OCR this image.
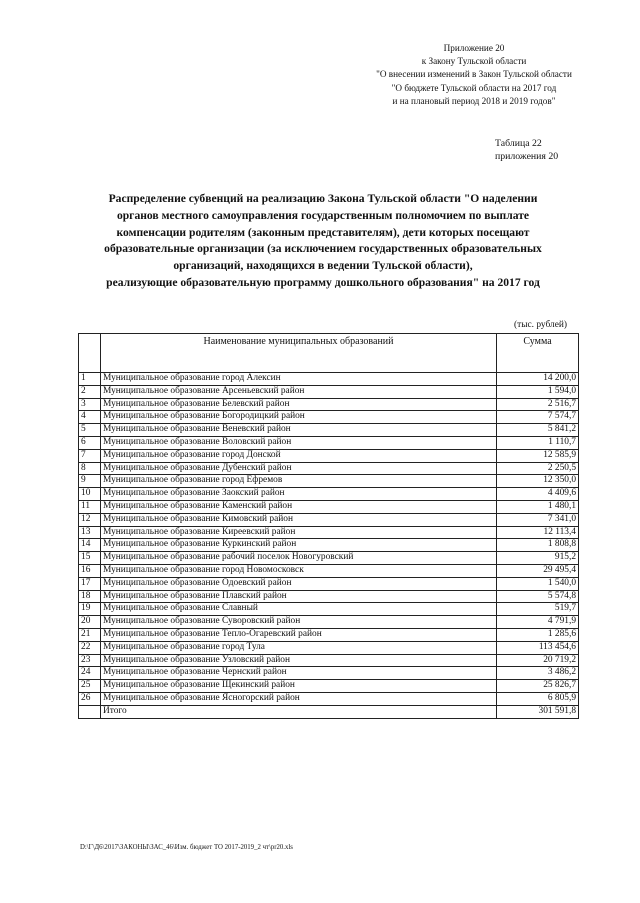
Приложение 20
к Закону Тульской области
"О внесении изменений в Закон Тульской области
"О бюджете Тульской области на 2017 год
и на плановый период 2018 и 2019 годов"
Таблица 22
приложения 20
Распределение субвенций на реализацию Закона Тульской области "О наделении
органов местного самоуправления государственным полномочием по выплате
компенсации родителям (законным представителям), дети которых посещают
образовательные организации (за исключением государственных образовательных
организаций, находящихся в ведении Тульской области),
реализующие образовательную программу дошкольного образования" на 2017 год
(тыс. рублей)
	Наименование муниципальных образований	Сумма
1	Муниципальное образование город Алексин	14 200,0
2	Муниципальное образование Арсеньевский район	1 594,0
3	Муниципальное образование Белевский район	2 516,7
4	Муниципальное образование Богородицкий район	7 574,7
5	Муниципальное образование Веневский район	5 841,2
6	Муниципальное образование Воловский район	1 110,7
7	Муниципальное образование город Донской	12 585,9
8	Муниципальное образование Дубенский район	2 250,5
9	Муниципальное образование город Ефремов	12 350,0
10	Муниципальное образование Заокский район	4 409,6
11	Муниципальное образование Каменский район	1 480,1
12	Муниципальное образование Кимовский район	7 341,0
13	Муниципальное образование Киреевский район	12 113,4
14	Муниципальное образование Куркинский район	1 808,8
15	Муниципальное образование рабочий поселок Новогуровский	915,2
16	Муниципальное образование город Новомосковск	29 495,4
17	Муниципальное образование Одоевский район	1 540,0
18	Муниципальное образование Плавский район	5 574,8
19	Муниципальное образование Славный	519,7
20	Муниципальное образование Суворовский район	4 791,9
21	Муниципальное образование Тепло-Огаревский район	1 285,6
22	Муниципальное образование город Тула	113 454,6
23	Муниципальное образование Узловский район	20 719,2
24	Муниципальное образование Чернский район	3 486,2
25	Муниципальное образование Щекинский район	25 826,7
26	Муниципальное образование Ясногорский район	6 805,9
	Итого	301 591,8
D:\Г\Д6\2017\ЗАКОНЫ\ЗАС_46\Изм. бюджет ТО 2017-2019_2 чт\pr20.xls
